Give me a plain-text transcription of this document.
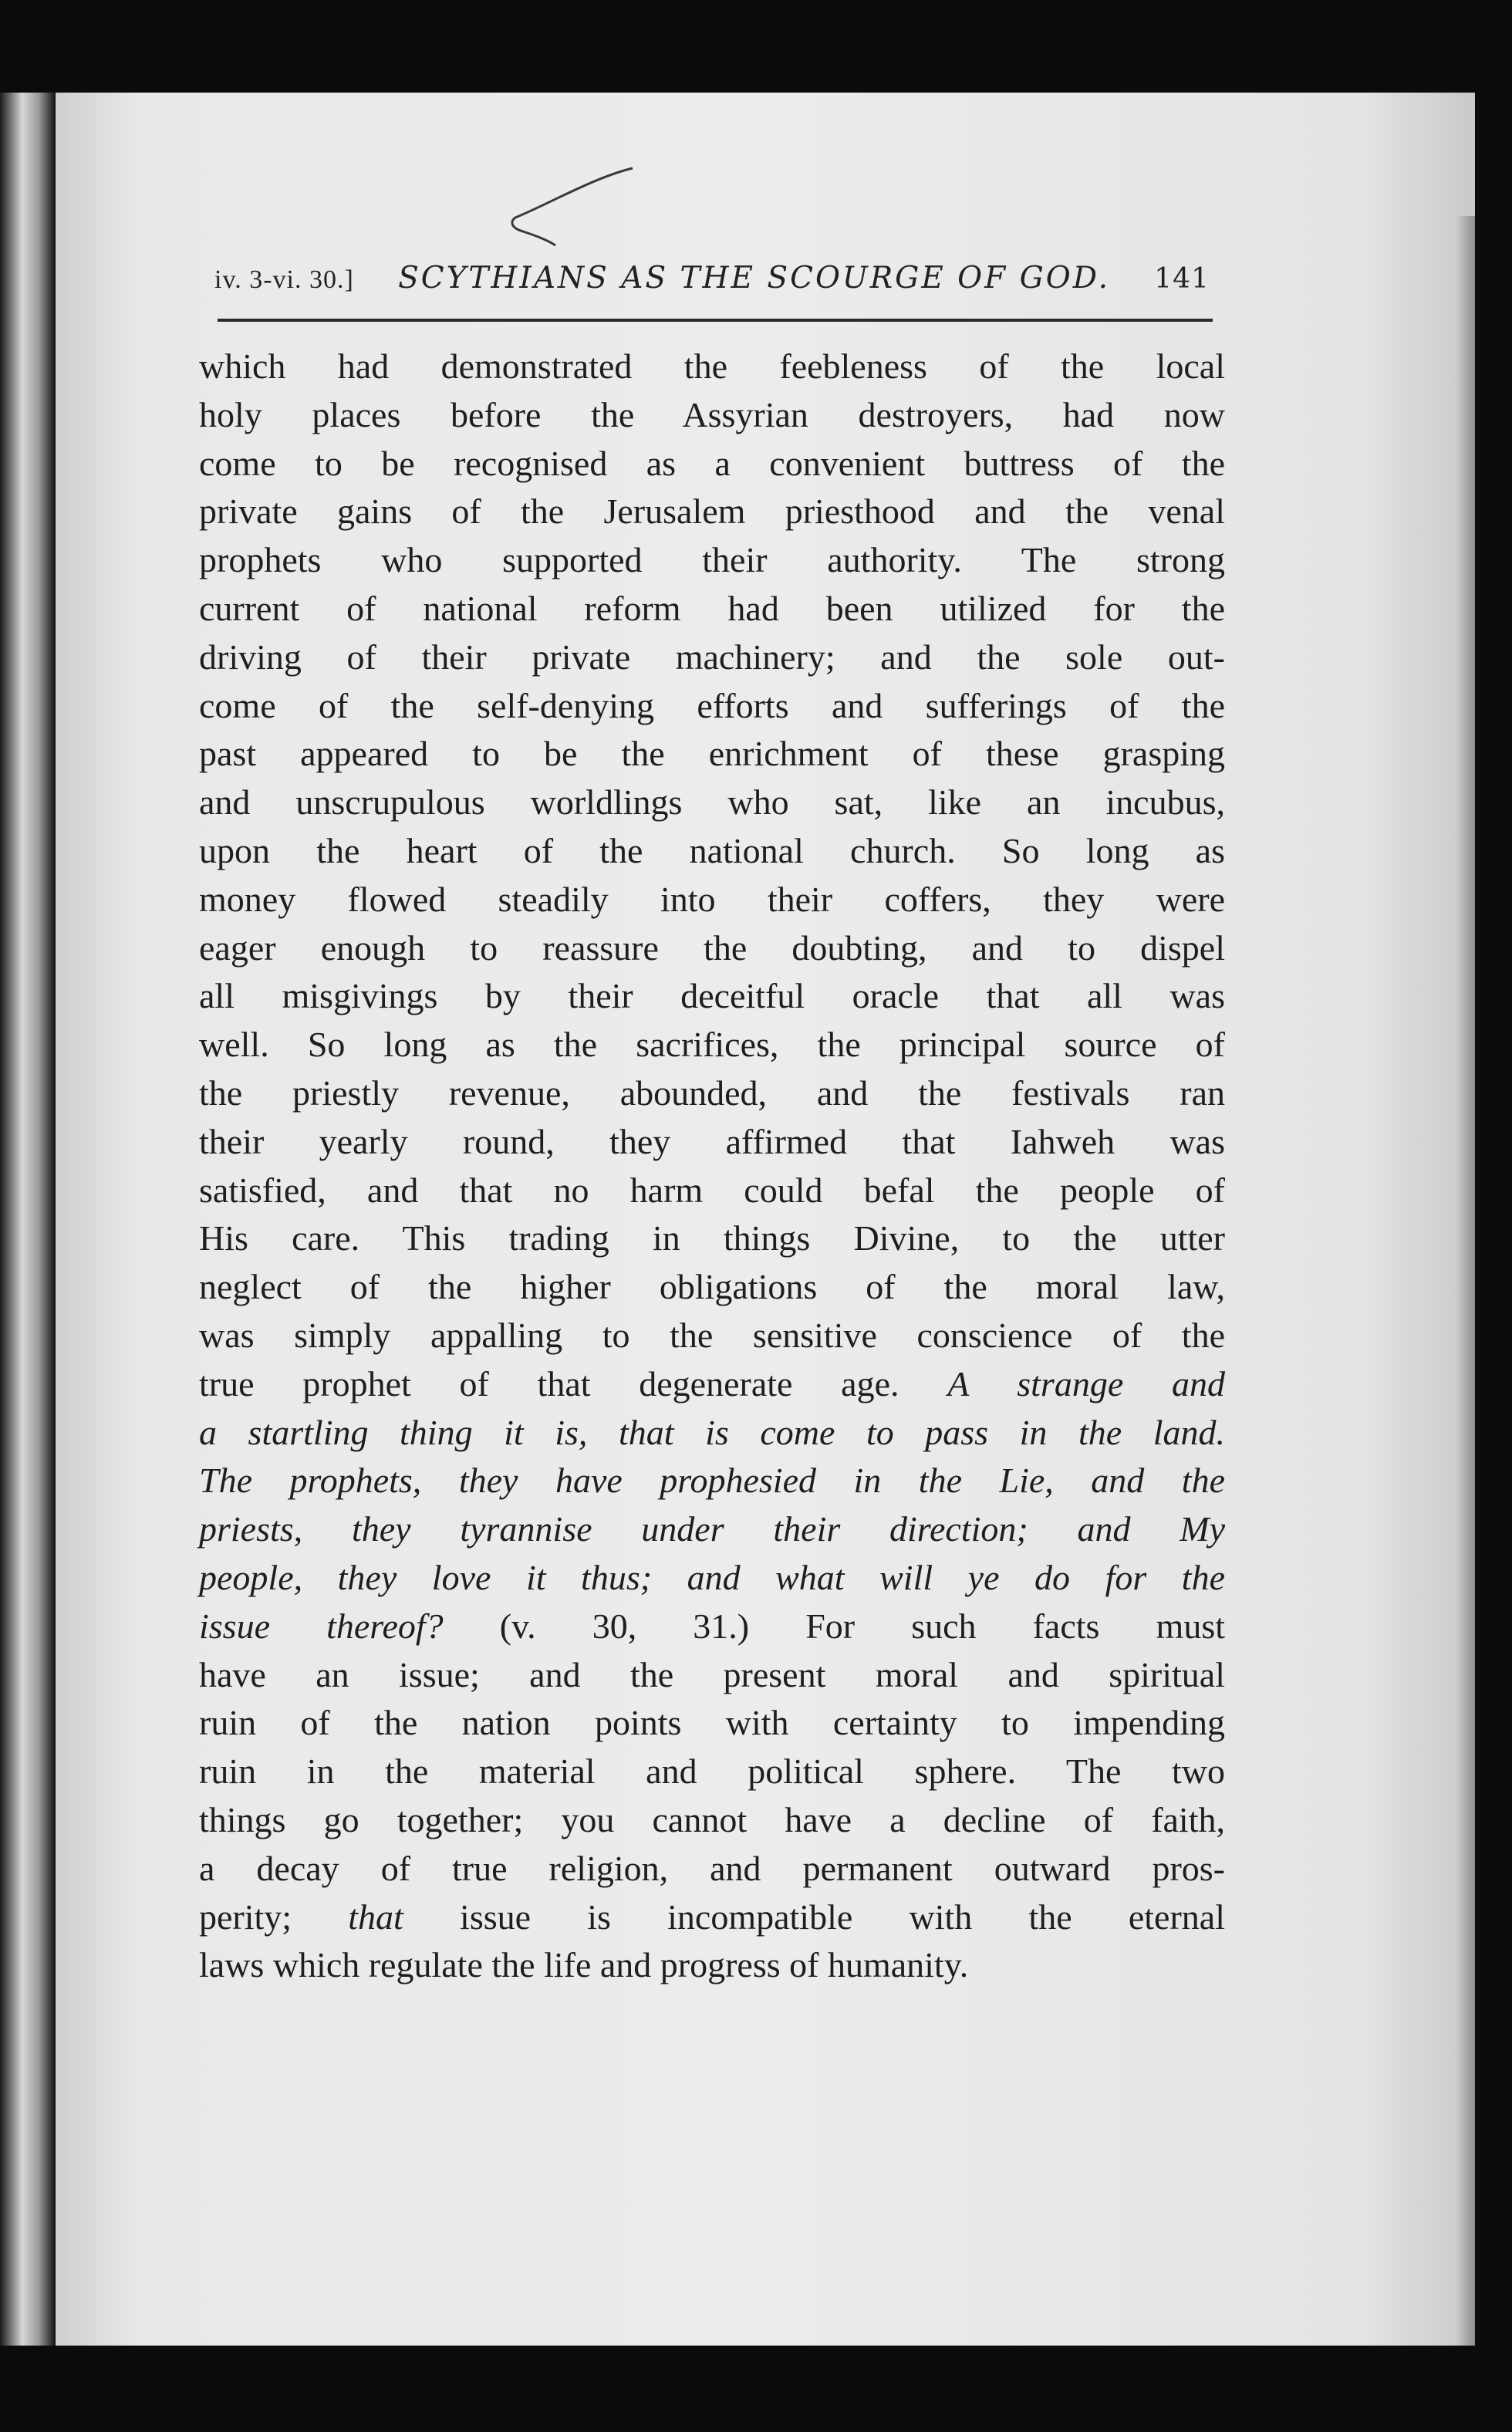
iv. 3-vi. 30.] SCYTHIANS AS THE SCOURGE OF GOD. 141
which had demonstrated the feebleness of the local
holy places before the Assyrian destroyers, had now
come to be recognised as a convenient buttress of the
private gains of the Jerusalem priesthood and the venal
prophets who supported their authority. The strong
current of national reform had been utilized for the
driving of their private machinery; and the sole out-
come of the self-denying efforts and sufferings of the
past appeared to be the enrichment of these grasping
and unscrupulous worldlings who sat, like an incubus,
upon the heart of the national church. So long as
money flowed steadily into their coffers, they were
eager enough to reassure the doubting, and to dispel
all misgivings by their deceitful oracle that all was
well. So long as the sacrifices, the principal source of
the priestly revenue, abounded, and the festivals ran
their yearly round, they affirmed that Iahweh was
satisfied, and that no harm could befal the people of
His care. This trading in things Divine, to the utter
neglect of the higher obligations of the moral law,
was simply appalling to the sensitive conscience of the
true prophet of that degenerate age. A strange and
a startling thing it is, that is come to pass in the land.
The prophets, they have prophesied in the Lie, and the
priests, they tyrannise under their direction; and My
people, they love it thus; and what will ye do for the
issue thereof? (v. 30, 31.) For such facts must
have an issue; and the present moral and spiritual
ruin of the nation points with certainty to impending
ruin in the material and political sphere. The two
things go together; you cannot have a decline of faith,
a decay of true religion, and permanent outward pros-
perity; that issue is incompatible with the eternal
laws which regulate the life and progress of humanity.
